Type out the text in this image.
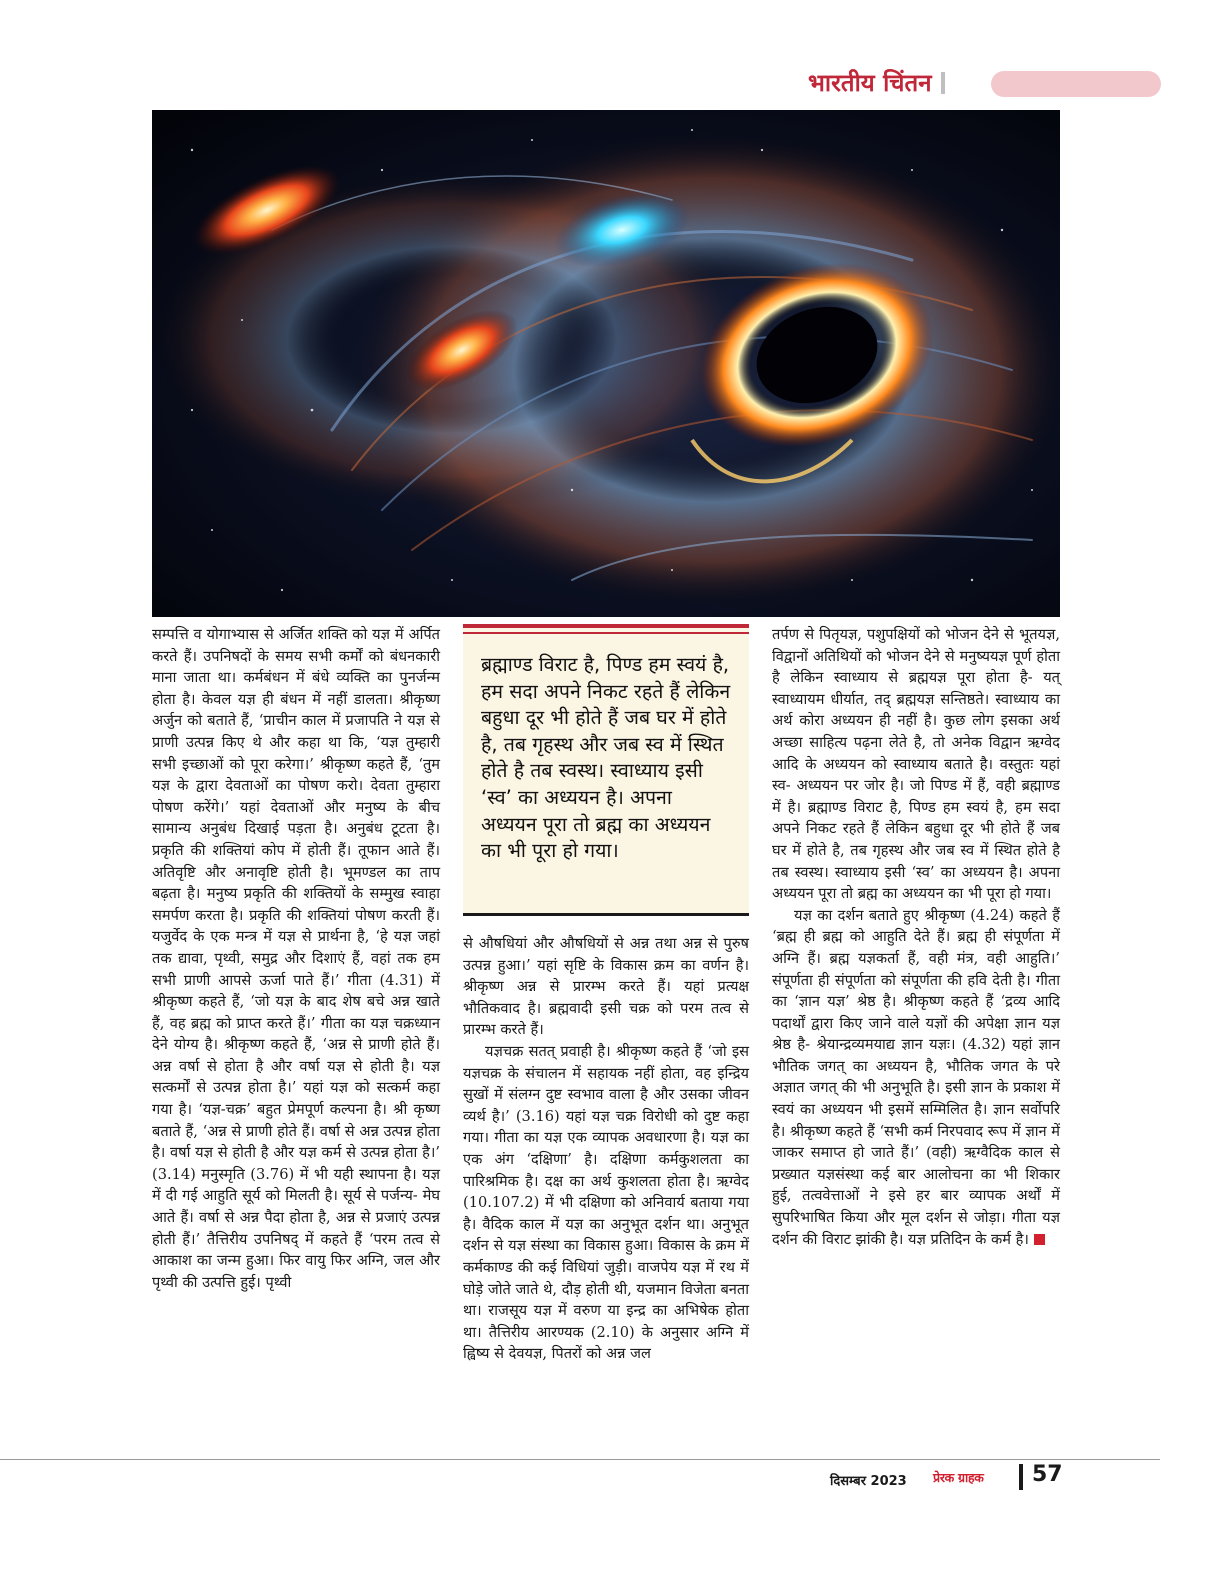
भारतीय चिंतन

सम्पत्ति व योगाभ्यास से अर्जित शक्ति को यज्ञ में अर्पित करते हैं। उपनिषदों के समय सभी कर्मों को बंधनकारी माना जाता था। कर्मबंधन में बंधे व्यक्ति का पुनर्जन्म होता है। केवल यज्ञ ही बंधन में नहीं डालता। श्रीकृष्ण अर्जुन को बताते हैं, ‘प्राचीन काल में प्रजापति ने यज्ञ से प्राणी उत्पन्न किए थे और कहा था कि, ‘यज्ञ तुम्हारी सभी इच्छाओं को पूरा करेगा।’ श्रीकृष्ण कहते हैं, ‘तुम यज्ञ के द्वारा देवताओं का पोषण करो। देवता तुम्हारा पोषण करेंगे।’ यहां देवताओं और मनुष्य के बीच सामान्य अनुबंध दिखाई पड़ता है। अनुबंध टूटता है। प्रकृति की शक्तियां कोप में होती हैं। तूफान आते हैं। अतिवृष्टि और अनावृष्टि होती है। भूमण्डल का ताप बढ़ता है। मनुष्य प्रकृति की शक्तियों के सम्मुख स्वाहा समर्पण करता है। प्रकृति की शक्तियां पोषण करती हैं। यजुर्वेद के एक मन्त्र में यज्ञ से प्रार्थना है, ‘हे यज्ञ जहां तक द्यावा, पृथ्वी, समुद्र और दिशाएं हैं, वहां तक हम सभी प्राणी आपसे ऊर्जा पाते हैं।’ गीता (4.31) में श्रीकृष्ण कहते हैं, ‘जो यज्ञ के बाद शेष बचे अन्न खाते हैं, वह ब्रह्म को प्राप्त करते हैं।’ गीता का यज्ञ चक्रध्यान देने योग्य है। श्रीकृष्ण कहते हैं, ‘अन्न से प्राणी होते हैं। अन्न वर्षा से होता है और वर्षा यज्ञ से होती है। यज्ञ सत्कर्मों से उत्पन्न होता है।’ यहां यज्ञ को सत्कर्म कहा गया है। ‘यज्ञ-चक्र’ बहुत प्रेमपूर्ण कल्पना है। श्री कृष्ण बताते हैं, ‘अन्न से प्राणी होते हैं। वर्षा से अन्न उत्पन्न होता है। वर्षा यज्ञ से होती है और यज्ञ कर्म से उत्पन्न होता है।’ (3.14) मनुस्मृति (3.76) में भी यही स्थापना है। यज्ञ में दी गई आहुति सूर्य को मिलती है। सूर्य से पर्जन्य- मेघ आते हैं। वर्षा से अन्न पैदा होता है, अन्न से प्रजाएं उत्पन्न होती हैं।’ तैत्तिरीय उपनिषद् में कहते हैं ‘परम तत्व से आकाश का जन्म हुआ। फिर वायु फिर अग्नि, जल और पृथ्वी की उत्पत्ति हुई। पृथ्वी

ब्रह्माण्ड विराट है, पिण्ड हम स्वयं है, हम सदा अपने निकट रहते हैं लेकिन बहुधा दूर भी होते हैं जब घर में होते है, तब गृहस्थ और जब स्व में स्थित होते है तब स्वस्थ। स्वाध्याय इसी ‘स्व’ का अध्ययन है। अपना अध्ययन पूरा तो ब्रह्म का अध्ययन का भी पूरा हो गया।

से औषधियां और औषधियों से अन्न तथा अन्न से पुरुष उत्पन्न हुआ।’ यहां सृष्टि के विकास क्रम का वर्णन है। श्रीकृष्ण अन्न से प्रारम्भ करते हैं। यहां प्रत्यक्ष भौतिकवाद है। ब्रह्मवादी इसी चक्र को परम तत्व से प्रारम्भ करते हैं।

यज्ञचक्र सतत् प्रवाही है। श्रीकृष्ण कहते हैं ‘जो इस यज्ञचक्र के संचालन में सहायक नहीं होता, वह इन्द्रिय सुखों में संलग्न दुष्ट स्वभाव वाला है और उसका जीवन व्यर्थ है।’ (3.16) यहां यज्ञ चक्र विरोधी को दुष्ट कहा गया। गीता का यज्ञ एक व्यापक अवधारणा है। यज्ञ का एक अंग ‘दक्षिणा’ है। दक्षिणा कर्मकुशलता का पारिश्रमिक है। दक्ष का अर्थ कुशलता होता है। ऋग्वेद (10.107.2) में भी दक्षिणा को अनिवार्य बताया गया है। वैदिक काल में यज्ञ का अनुभूत दर्शन था। अनुभूत दर्शन से यज्ञ संस्था का विकास हुआ। विकास के क्रम में कर्मकाण्ड की कई विधियां जुड़ी। वाजपेय यज्ञ में रथ में घोड़े जोते जाते थे, दौड़ होती थी, यजमान विजेता बनता था। राजसूय यज्ञ में वरुण या इन्द्र का अभिषेक होता था। तैत्तिरीय आरण्यक (2.10) के अनुसार अग्नि में ह्विष्य से देवयज्ञ, पितरों को अन्न जल

तर्पण से पितृयज्ञ, पशुपक्षियों को भोजन देने से भूतयज्ञ, विद्वानों अतिथियों को भोजन देने से मनुष्ययज्ञ पूर्ण होता है लेकिन स्वाध्याय से ब्रह्मयज्ञ पूरा होता है- यत् स्वाध्यायम धीर्यात, तद् ब्रह्मयज्ञ सन्तिष्ठते। स्वाध्याय का अर्थ कोरा अध्ययन ही नहीं है। कुछ लोग इसका अर्थ अच्छा साहित्य पढ़ना लेते है, तो अनेक विद्वान ऋग्वेद आदि के अध्ययन को स्वाध्याय बताते है। वस्तुतः यहां स्व- अध्ययन पर जोर है। जो पिण्ड में हैं, वही ब्रह्माण्ड में है। ब्रह्माण्ड विराट है, पिण्ड हम स्वयं है, हम सदा अपने निकट रहते हैं लेकिन बहुधा दूर भी होते हैं जब घर में होते है, तब गृहस्थ और जब स्व में स्थित होते है तब स्वस्थ। स्वाध्याय इसी ‘स्व’ का अध्ययन है। अपना अध्ययन पूरा तो ब्रह्म का अध्ययन का भी पूरा हो गया।

यज्ञ का दर्शन बताते हुए श्रीकृष्ण (4.24) कहते हैं ‘ब्रह्म ही ब्रह्म को आहुति देते हैं। ब्रह्म ही संपूर्णता में अग्नि हैं। ब्रह्म यज्ञकर्ता हैं, वही मंत्र, वही आहुति।’ संपूर्णता ही संपूर्णता को संपूर्णता की हवि देती है। गीता का ‘ज्ञान यज्ञ’ श्रेष्ठ है। श्रीकृष्ण कहते हैं ‘द्रव्य आदि पदार्थों द्वारा किए जाने वाले यज्ञों की अपेक्षा ज्ञान यज्ञ श्रेष्ठ है- श्रेयान्द्रव्यमयाद्य ज्ञान यज्ञः। (4.32) यहां ज्ञान भौतिक जगत् का अध्ययन है, भौतिक जगत के परे अज्ञात जगत् की भी अनुभूति है। इसी ज्ञान के प्रकाश में स्वयं का अध्ययन भी इसमें सम्मिलित है। ज्ञान सर्वोपरि है। श्रीकृष्ण कहते हैं ‘सभी कर्म निरपवाद रूप में ज्ञान में जाकर समाप्त हो जाते हैं।’ (वही) ऋग्वैदिक काल से प्रख्यात यज्ञसंस्था कई बार आलोचना का भी शिकार हुई, तत्ववेत्ताओं ने इसे हर बार व्यापक अर्थों में सुपरिभाषित किया और मूल दर्शन से जोड़ा। गीता यज्ञ दर्शन की विराट झांकी है। यज्ञ प्रतिदिन के कर्म है।

दिसम्बर 2023 प्रेरक ग्राहक 57
